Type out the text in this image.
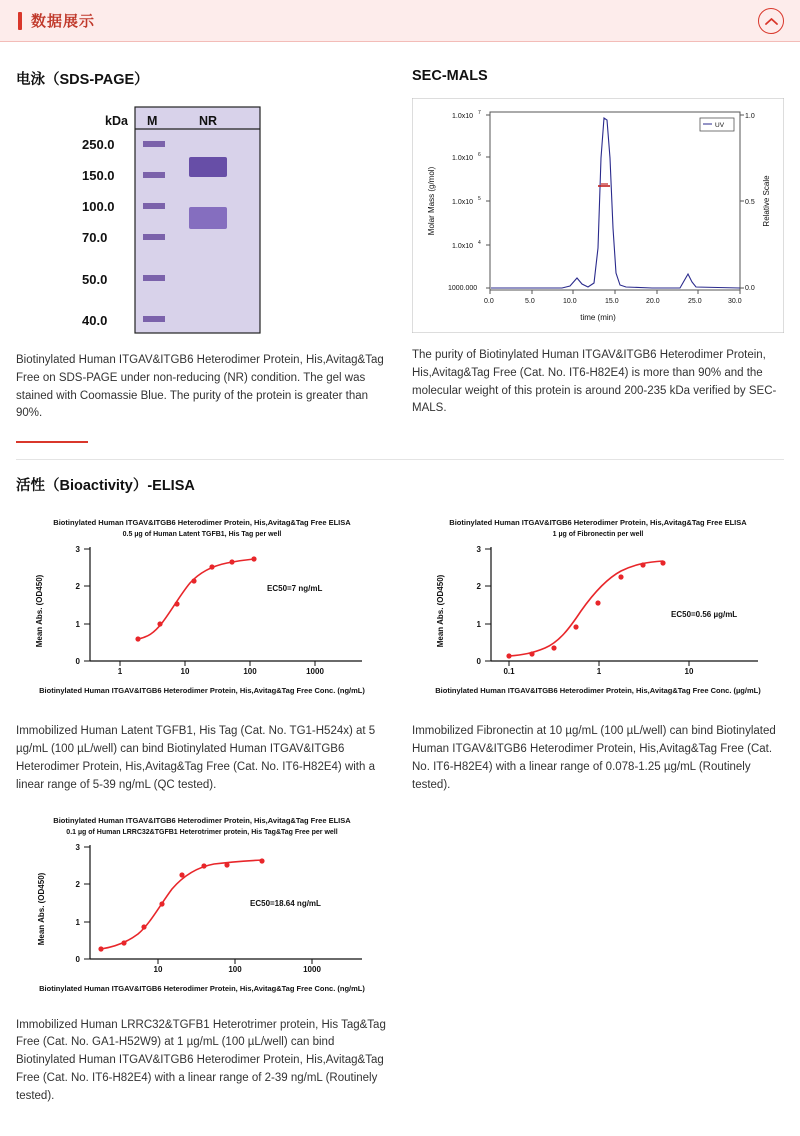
数据展示
电泳（SDS-PAGE）
kDa M	NR
250.0
150.0
100.0
70.0
50.0
40.0
Biotinylated Human ITGAV&ITGB6 Heterodimer Protein, His,Avitag&Tag Free on SDS-PAGE under non-reducing (NR) condition. The gel was stained with Coomassie Blue. The purity of the protein is greater than 90%.
SEC-MALS
1.0x10 7
1.0x10 6
1.0x10 5
1.0x10 4
1000.000
1.0
0.5
0.0
0.0	5.0	10.0	15.0	20.0	25.0	30.0
time (min)
Molar Mass (g/mol)	Relative Scale
UV
The purity of Biotinylated Human ITGAV&ITGB6 Heterodimer Protein, His,Avitag&Tag Free (Cat. No. IT6-H82E4) is more than 90% and the molecular weight of this protein is around 200-235 kDa verified by SEC-MALS.
活性（Bioactivity）-ELISA
Biotinylated Human ITGAV&ITGB6 Heterodimer Protein, His,Avitag&Tag Free ELISA
0.5 µg of Human Latent TGFB1, His Tag per well
0
1
2
3
1	10	100	1000
EC50=7 ng/mL
Mean Abs. (OD450)
Biotinylated Human ITGAV&ITGB6 Heterodimer Protein, His,Avitag&Tag Free Conc. (ng/mL)
Biotinylated Human ITGAV&ITGB6 Heterodimer Protein, His,Avitag&Tag Free ELISA
1 µg of Fibronectin per well
0
1
2
3
0.1	1	10
EC50=0.56 µg/mL
Mean Abs. (OD450)
Biotinylated Human ITGAV&ITGB6 Heterodimer Protein, His,Avitag&Tag Free Conc. (µg/mL)
Immobilized Human Latent TGFB1, His Tag (Cat. No. TG1-H524x) at 5 µg/mL (100 µL/well) can bind Biotinylated Human ITGAV&ITGB6 Heterodimer Protein, His,Avitag&Tag Free (Cat. No. IT6-H82E4) with a linear range of 5-39 ng/mL (QC tested).
Immobilized Fibronectin at 10 µg/mL (100 µL/well) can bind Biotinylated Human ITGAV&ITGB6 Heterodimer Protein, His,Avitag&Tag Free (Cat. No. IT6-H82E4) with a linear range of 0.078-1.25 µg/mL (Routinely tested).
Biotinylated Human ITGAV&ITGB6 Heterodimer Protein, His,Avitag&Tag Free ELISA
0.1 µg of Human LRRC32&TGFB1 Heterotrimer protein, His Tag&Tag Free per well
0
1
2
3
10	100	1000
EC50=18.64 ng/mL
Mean Abs. (OD450)
Biotinylated Human ITGAV&ITGB6 Heterodimer Protein, His,Avitag&Tag Free Conc. (ng/mL)
Immobilized Human LRRC32&TGFB1 Heterotrimer protein, His Tag&Tag Free (Cat. No. GA1-H52W9) at 1 µg/mL (100 µL/well) can bind Biotinylated Human ITGAV&ITGB6 Heterodimer Protein, His,Avitag&Tag Free (Cat. No. IT6-H82E4) with a linear range of 2-39 ng/mL (Routinely tested).
